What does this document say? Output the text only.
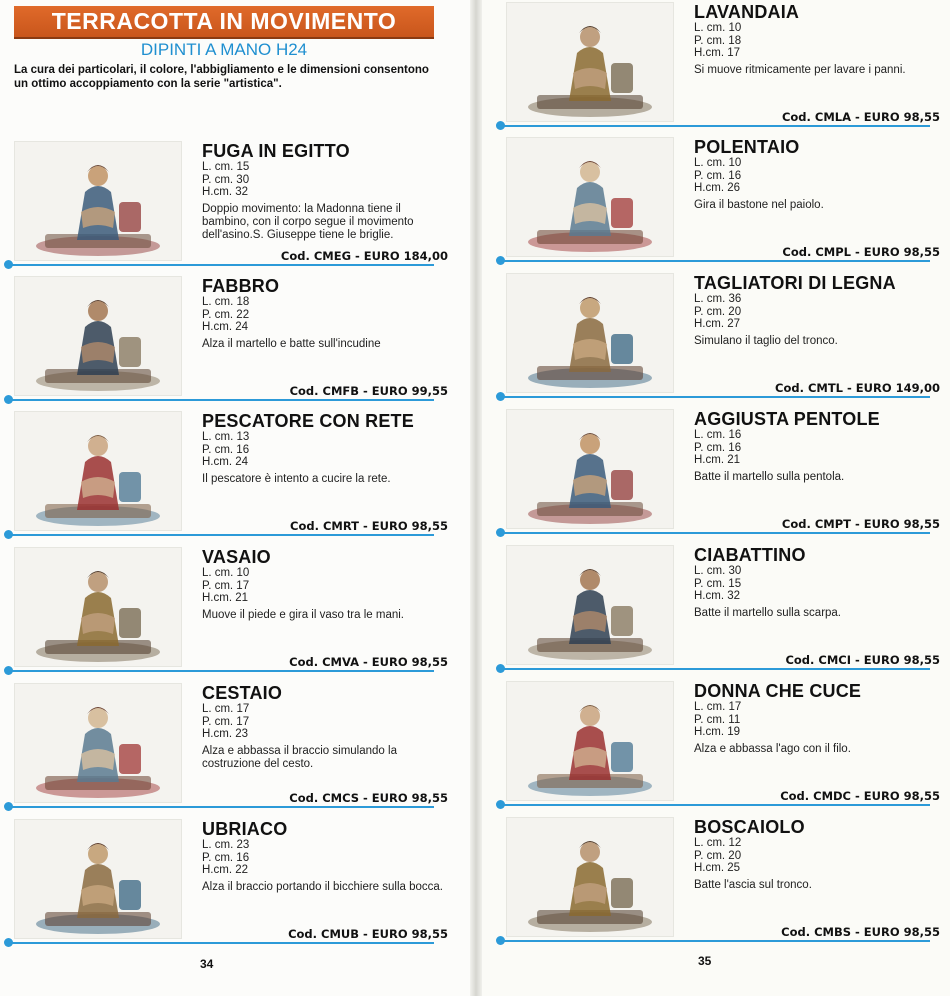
TERRACOTTA IN MOVIMENTO
DIPINTI A MANO H24
La cura dei particolari, il colore, l'abbigliamento e le dimensioni consentono un ottimo accoppiamento con la serie "artistica".
FUGA IN EGITTO
L. cm. 15
P. cm. 30
H.cm. 32
Doppio movimento: la Madonna tiene il bambino, con il corpo segue il movimento dell'asino.S. Giuseppe tiene le briglie.
Cod. CMEG - EURO 184,00
FABBRO
L. cm. 18
P. cm. 22
H.cm. 24
Alza il martello e batte sull'incudine
Cod. CMFB - EURO 99,55
PESCATORE CON RETE
L. cm. 13
P. cm. 16
H.cm. 24
Il pescatore è intento a cucire la rete.
Cod. CMRT - EURO 98,55
VASAIO
L. cm. 10
P. cm. 17
H.cm. 21
Muove il piede e gira il vaso tra le mani.
Cod. CMVA - EURO 98,55
CESTAIO
L. cm. 17
P. cm. 17
H.cm. 23
Alza e abbassa il braccio simulando la costruzione del cesto.
Cod. CMCS - EURO 98,55
UBRIACO
L. cm. 23
P. cm. 16
H.cm. 22
Alza il braccio portando il bicchiere sulla bocca.
Cod. CMUB - EURO 98,55
LAVANDAIA
L. cm. 10
P. cm. 18
H.cm. 17
Si muove ritmicamente per lavare i panni.
Cod. CMLA - EURO 98,55
POLENTAIO
L. cm. 10
P. cm. 16
H.cm. 26
Gira il bastone nel paiolo.
Cod. CMPL - EURO 98,55
TAGLIATORI DI LEGNA
L. cm. 36
P. cm. 20
H.cm. 27
Simulano il taglio del tronco.
Cod. CMTL - EURO 149,00
AGGIUSTA PENTOLE
L. cm. 16
P. cm. 16
H.cm. 21
Batte il martello sulla pentola.
Cod. CMPT - EURO 98,55
CIABATTINO
L. cm. 30
P. cm. 15
H.cm. 32
Batte il martello sulla scarpa.
Cod. CMCI - EURO 98,55
DONNA CHE CUCE
L. cm. 17
P. cm. 11
H.cm. 19
Alza e abbassa l'ago con il filo.
Cod. CMDC - EURO 98,55
BOSCAIOLO
L. cm. 12
P. cm. 20
H.cm. 25
Batte l'ascia sul tronco.
Cod. CMBS - EURO 98,55
34	35
